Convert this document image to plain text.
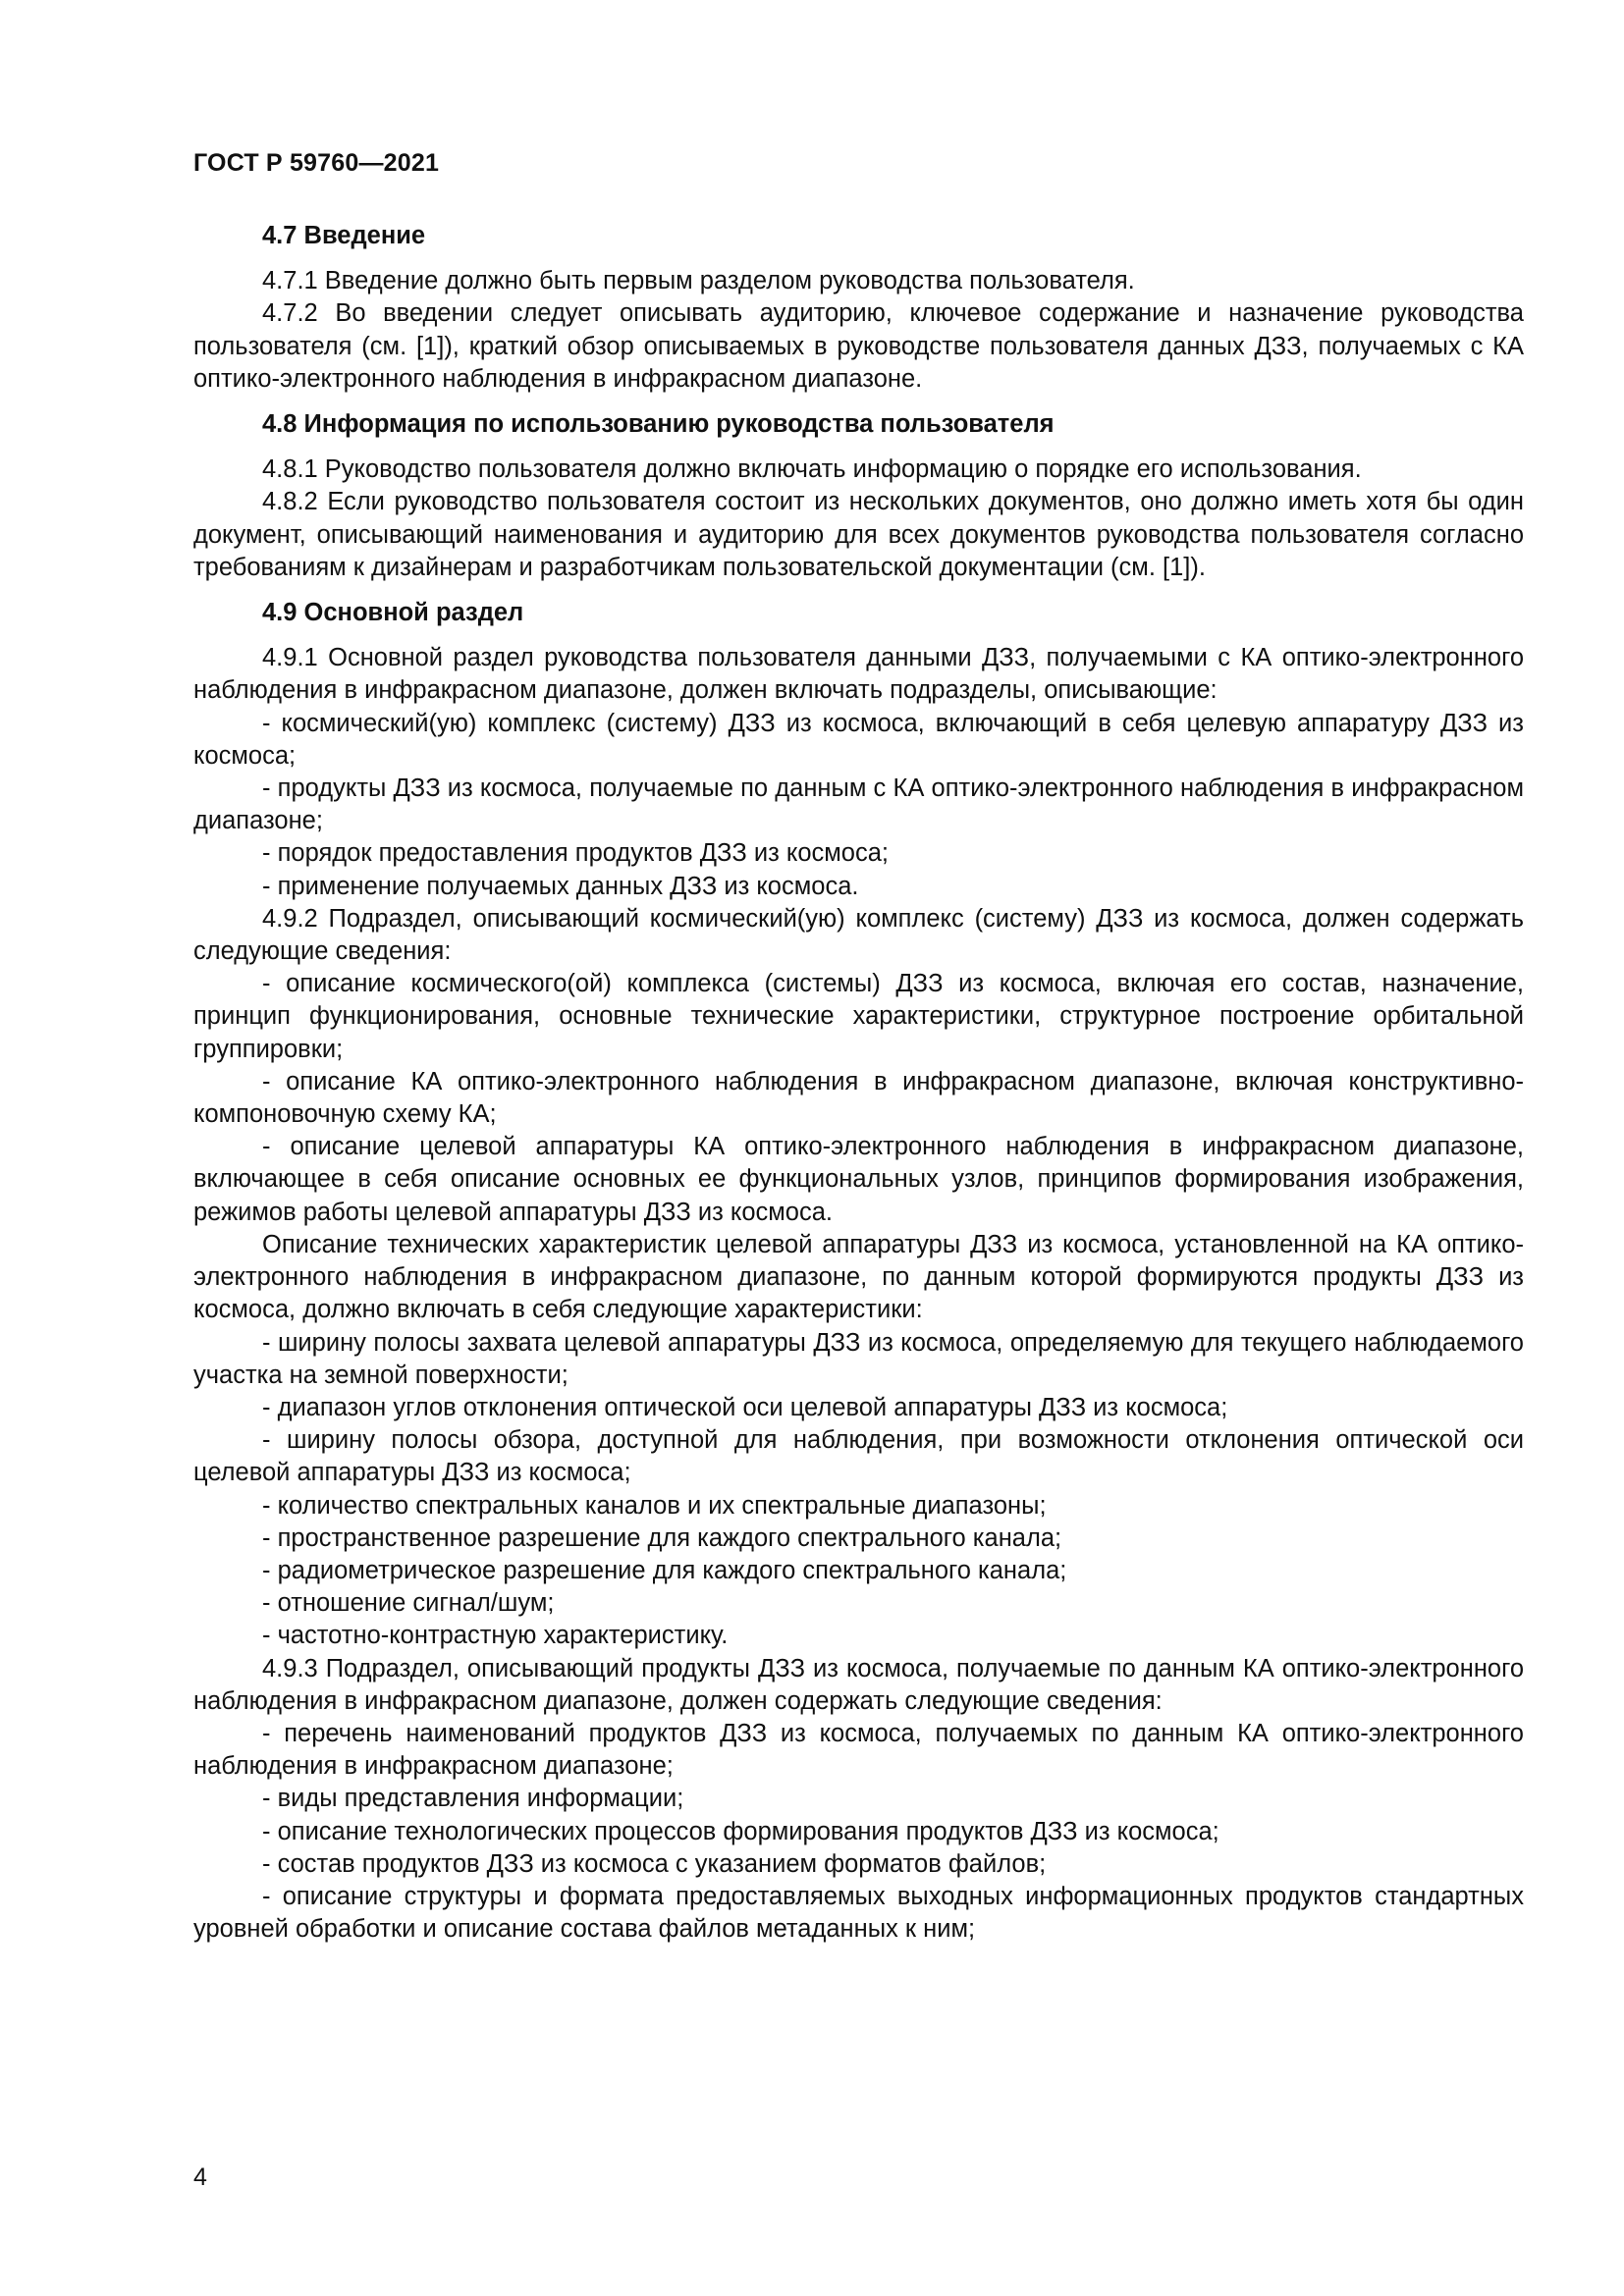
ГОСТ Р 59760—2021
4.7 Введение

4.7.1 Введение должно быть первым разделом руководства пользователя.

4.7.2 Во введении следует описывать аудиторию, ключевое содержание и назначение руководства пользователя (см. [1]), краткий обзор описываемых в руководстве пользователя данных ДЗЗ, получаемых с КА оптико-электронного наблюдения в инфракрасном диапазоне.

4.8 Информация по использованию руководства пользователя

4.8.1 Руководство пользователя должно включать информацию о порядке его использования.

4.8.2 Если руководство пользователя состоит из нескольких документов, оно должно иметь хотя бы один документ, описывающий наименования и аудиторию для всех документов руководства пользователя согласно требованиям к дизайнерам и разработчикам пользовательской документации (см. [1]).

4.9 Основной раздел

4.9.1 Основной раздел руководства пользователя данными ДЗЗ, получаемыми с КА оптико-электронного наблюдения в инфракрасном диапазоне, должен включать подразделы, описывающие:

- космический(ую) комплекс (систему) ДЗЗ из космоса, включающий в себя целевую аппаратуру ДЗЗ из космоса;

- продукты ДЗЗ из космоса, получаемые по данным с КА оптико-электронного наблюдения в инфракрасном диапазоне;

- порядок предоставления продуктов ДЗЗ из космоса;

- применение получаемых данных ДЗЗ из космоса.

4.9.2 Подраздел, описывающий космический(ую) комплекс (систему) ДЗЗ из космоса, должен содержать следующие сведения:

- описание космического(ой) комплекса (системы) ДЗЗ из космоса, включая его состав, назначение, принцип функционирования, основные технические характеристики, структурное построение орбитальной группировки;

- описание КА оптико-электронного наблюдения в инфракрасном диапазоне, включая конструктивно-компоновочную схему КА;

- описание целевой аппаратуры КА оптико-электронного наблюдения в инфракрасном диапазоне, включающее в себя описание основных ее функциональных узлов, принципов формирования изображения, режимов работы целевой аппаратуры ДЗЗ из космоса.

Описание технических характеристик целевой аппаратуры ДЗЗ из космоса, установленной на КА оптико-электронного наблюдения в инфракрасном диапазоне, по данным которой формируются продукты ДЗЗ из космоса, должно включать в себя следующие характеристики:

- ширину полосы захвата целевой аппаратуры ДЗЗ из космоса, определяемую для текущего наблюдаемого участка на земной поверхности;

- диапазон углов отклонения оптической оси целевой аппаратуры ДЗЗ из космоса;

- ширину полосы обзора, доступной для наблюдения, при возможности отклонения оптической оси целевой аппаратуры ДЗЗ из космоса;

- количество спектральных каналов и их спектральные диапазоны;

- пространственное разрешение для каждого спектрального канала;

- радиометрическое разрешение для каждого спектрального канала;

- отношение сигнал/шум;

- частотно-контрастную характеристику.

4.9.3 Подраздел, описывающий продукты ДЗЗ из космоса, получаемые по данным КА оптико-электронного наблюдения в инфракрасном диапазоне, должен содержать следующие сведения:

- перечень наименований продуктов ДЗЗ из космоса, получаемых по данным КА оптико-электронного наблюдения в инфракрасном диапазоне;

- виды представления информации;

- описание технологических процессов формирования продуктов ДЗЗ из космоса;

- состав продуктов ДЗЗ из космоса с указанием форматов файлов;

- описание структуры и формата предоставляемых выходных информационных продуктов стандартных уровней обработки и описание состава файлов метаданных к ним;

4
